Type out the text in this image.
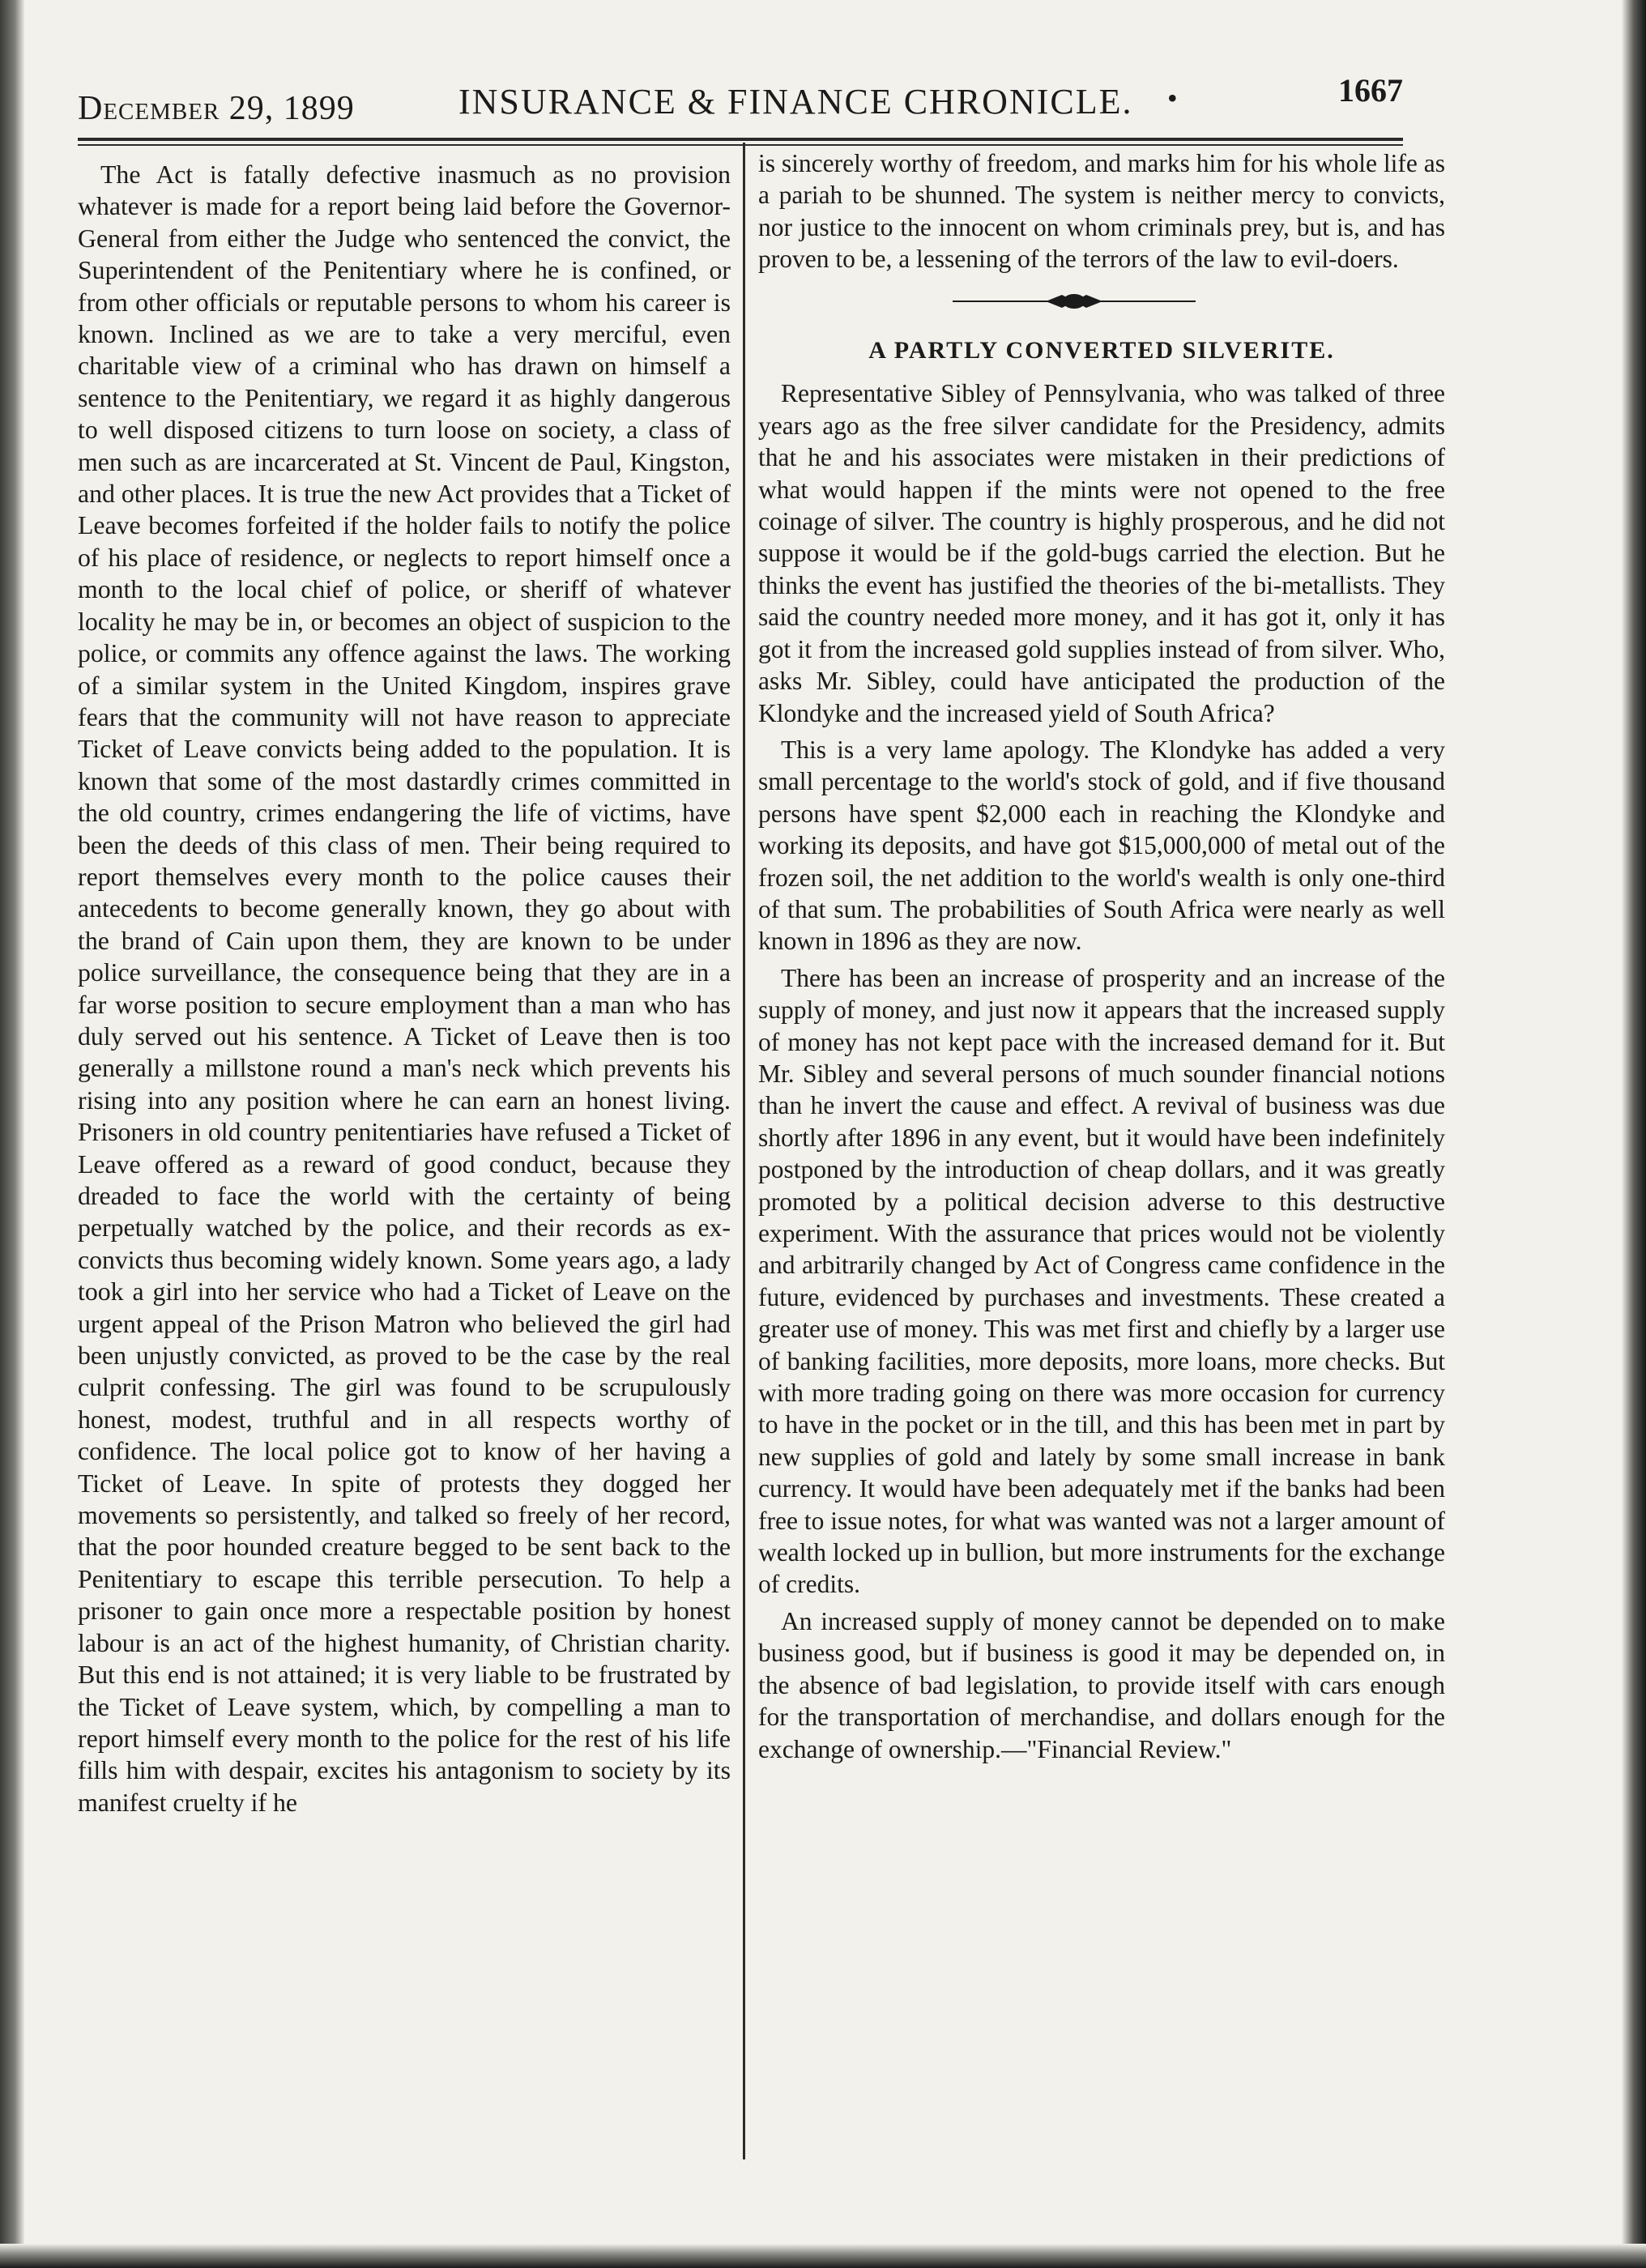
December 29, 1899	INSURANCE & FINANCE CHRONICLE. •	1667

The Act is fatally defective inasmuch as no provision whatever is made for a report being laid before the Governor-General from either the Judge who sentenced the convict, the Superintendent of the Penitentiary where he is confined, or from other officials or reputable persons to whom his career is known. Inclined as we are to take a very merciful, even charitable view of a criminal who has drawn on himself a sentence to the Penitentiary, we regard it as highly dangerous to well disposed citizens to turn loose on society, a class of men such as are incarcerated at St. Vincent de Paul, Kingston, and other places. It is true the new Act provides that a Ticket of Leave becomes forfeited if the holder fails to notify the police of his place of residence, or neglects to report himself once a month to the local chief of police, or sheriff of whatever locality he may be in, or becomes an object of suspicion to the police, or commits any offence against the laws. The working of a similar system in the United Kingdom, inspires grave fears that the community will not have reason to appreciate Ticket of Leave convicts being added to the population. It is known that some of the most dastardly crimes committed in the old country, crimes endangering the life of victims, have been the deeds of this class of men. Their being required to report themselves every month to the police causes their antecedents to become generally known, they go about with the brand of Cain upon them, they are known to be under police surveillance, the consequence being that they are in a far worse position to secure employment than a man who has duly served out his sentence. A Ticket of Leave then is too generally a millstone round a man's neck which prevents his rising into any position where he can earn an honest living. Prisoners in old country penitentiaries have refused a Ticket of Leave offered as a reward of good conduct, because they dreaded to face the world with the certainty of being perpetually watched by the police, and their records as ex-convicts thus becoming widely known. Some years ago, a lady took a girl into her service who had a Ticket of Leave on the urgent appeal of the Prison Matron who believed the girl had been unjustly convicted, as proved to be the case by the real culprit confessing. The girl was found to be scrupulously honest, modest, truthful and in all respects worthy of confidence. The local police got to know of her having a Ticket of Leave. In spite of protests they dogged her movements so persistently, and talked so freely of her record, that the poor hounded creature begged to be sent back to the Penitentiary to escape this terrible persecution. To help a prisoner to gain once more a respectable position by honest labour is an act of the highest humanity, of Christian charity. But this end is not attained; it is very liable to be frustrated by the Ticket of Leave system, which, by compelling a man to report himself every month to the police for the rest of his life fills him with despair, excites his antagonism to society by its manifest cruelty if he

is sincerely worthy of freedom, and marks him for his whole life as a pariah to be shunned. The system is neither mercy to convicts, nor justice to the innocent on whom criminals prey, but is, and has proven to be, a lessening of the terrors of the law to evil-doers.

A PARTLY CONVERTED SILVERITE.

Representative Sibley of Pennsylvania, who was talked of three years ago as the free silver candidate for the Presidency, admits that he and his associates were mistaken in their predictions of what would happen if the mints were not opened to the free coinage of silver. The country is highly prosperous, and he did not suppose it would be if the gold-bugs carried the election. But he thinks the event has justified the theories of the bi-metallists. They said the country needed more money, and it has got it, only it has got it from the increased gold supplies instead of from silver. Who, asks Mr. Sibley, could have anticipated the production of the Klondyke and the increased yield of South Africa?

This is a very lame apology. The Klondyke has added a very small percentage to the world's stock of gold, and if five thousand persons have spent $2,000 each in reaching the Klondyke and working its deposits, and have got $15,000,000 of metal out of the frozen soil, the net addition to the world's wealth is only one-third of that sum. The probabilities of South Africa were nearly as well known in 1896 as they are now.

There has been an increase of prosperity and an increase of the supply of money, and just now it appears that the increased supply of money has not kept pace with the increased demand for it. But Mr. Sibley and several persons of much sounder financial notions than he invert the cause and effect. A revival of business was due shortly after 1896 in any event, but it would have been indefinitely postponed by the introduction of cheap dollars, and it was greatly promoted by a political decision adverse to this destructive experiment. With the assurance that prices would not be violently and arbitrarily changed by Act of Congress came confidence in the future, evidenced by purchases and investments. These created a greater use of money. This was met first and chiefly by a larger use of banking facilities, more deposits, more loans, more checks. But with more trading going on there was more occasion for currency to have in the pocket or in the till, and this has been met in part by new supplies of gold and lately by some small increase in bank currency. It would have been adequately met if the banks had been free to issue notes, for what was wanted was not a larger amount of wealth locked up in bullion, but more instruments for the exchange of credits.

An increased supply of money cannot be depended on to make business good, but if business is good it may be depended on, in the absence of bad legislation, to provide itself with cars enough for the transportation of merchandise, and dollars enough for the exchange of ownership.—"Financial Review."
